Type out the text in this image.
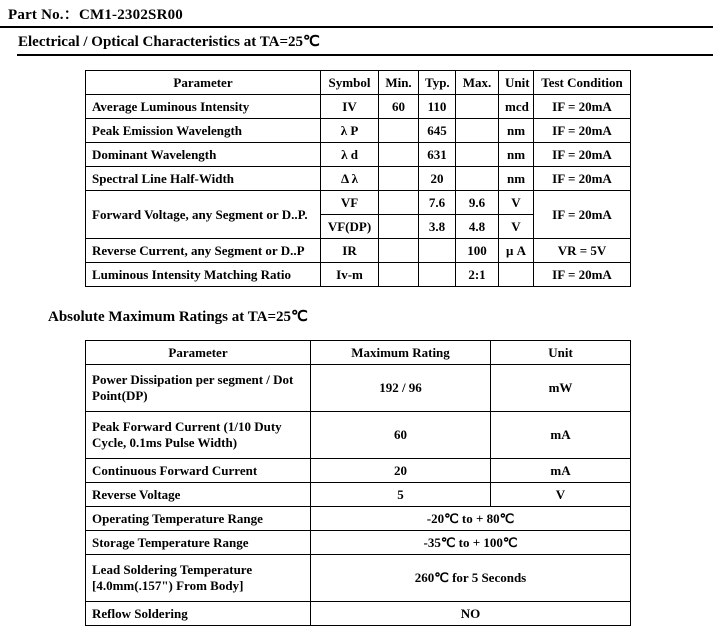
Part No.：CM1-2302SR00
Electrical / Optical Characteristics at TA=25℃
Parameter	Symbol	Min.	Typ.	Max.	Unit	Test Condition
Average Luminous Intensity	IV	60	110		mcd	IF = 20mA
Peak Emission Wavelength	λ P		645		nm	IF = 20mA
Dominant Wavelength	λ d		631		nm	IF = 20mA
Spectral Line Half-Width	Δ λ		20		nm	IF = 20mA
Forward Voltage, any Segment or D..P.	VF		7.6	9.6	V	IF = 20mA
	VF(DP)		3.8	4.8	V	
Reverse Current, any Segment or D..P	IR			100	μ A	VR = 5V
Luminous Intensity Matching Ratio	Iv-m			2:1		IF = 20mA
Absolute Maximum Ratings at TA=25℃
Parameter	Maximum Rating	Unit
Power Dissipation per segment / Dot Point(DP)	192 / 96	mW
Peak Forward Current (1/10 Duty Cycle, 0.1ms Pulse Width)	60	mA
Continuous Forward Current	20	mA
Reverse Voltage	5	V
Operating Temperature Range	-20℃ to + 80℃	
Storage Temperature Range	-35℃ to + 100℃	
Lead Soldering Temperature [4.0mm(.157") From Body]	260℃ for 5 Seconds	
Reflow Soldering	NO	
